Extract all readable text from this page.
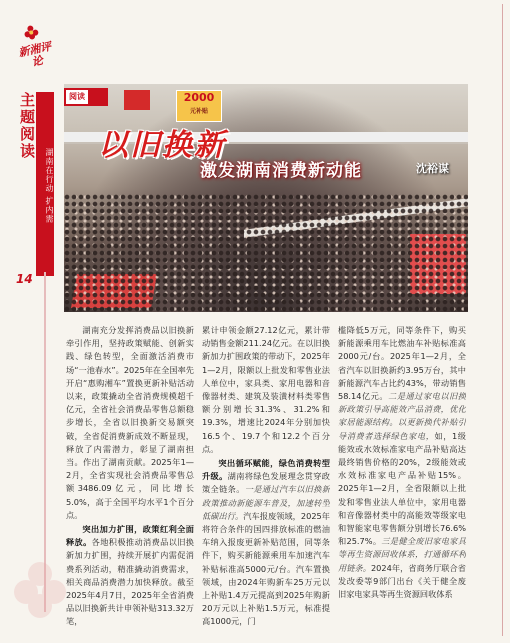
新湘评论
主题阅读
湖南在行动 扩内需
14
阅读	2000
元补贴
以旧换新
激发湖南消费新动能	沈裕谋

湖南充分发挥消费品以旧换新牵引作用，坚持政策赋能、创新实践、绿色转型，全面激活消费市场“一池春水”。2025年在全国率先开启“惠购湘车”置换更新补贴活动以来，政策撬动全省消费规模超千亿元，全省社会消费品零售总额稳步增长，全省以旧换新交易额突破，全省促消费新成效不断显现，释放了内需潜力，彰显了湖南担当。作出了湖南贡献。2025年1—2月，全省实现社会消费品零售总额3486.09亿元，同比增长5.0%，高于全国平均水平1个百分点。

突出加力扩围，政策红利全面释放。各地积极推动消费品以旧换新加力扩围，持续开展扩内需促消费系列活动，精准撬动消费需求，相关商品消费潜力加快释放。截至2025年4月7日，2025年全省消费品以旧换新共计申领补贴313.32万笔，

累计申领金额27.12亿元，累计带动销售金额211.24亿元。在以旧换新加力扩围政策的带动下，2025年1—2月，限额以上批发和零售业法人单位中，家具类、家用电器和音像器材类、建筑及装潢材料类零售额分别增长31.3%、31.2%和19.3%，增速比2024年分别加快16.5个、19.7个和12.2个百分点。

突出循环赋能，绿色消费转型升级。湖南将绿色发展理念贯穿政策全链条。一是通过汽车以旧换新政策推动新能源车普及，加速转型低碳出行。汽车报废领域，2025年将符合条件的国四排放标准的燃油车纳入报废更新补贴范围，同等条件下，购买新能源乘用车加速汽车补贴标准高5000元/台。汽车置换领域，由2024年购新车25万元以上补贴1.4万元提高到2025年购新20万元以上补贴1.5万元，标准提高1000元，门

槛降低5万元，同等条件下，购买新能源乘用车比燃油车补贴标准高2000元/台。2025年1—2月，全省汽车以旧换新约3.95万台，其中新能源汽车占比约43%，带动销售58.14亿元。二是通过家电以旧换新政策引导高能效产品消费，优化家居能源结构。以更新换代补贴引导消费者选择绿色家电，如，1级能效或水效标准家电产品补贴高达最终销售价格的20%，2级能效或水效标准家电产品补贴15%。2025年1—2月，全省限额以上批发和零售业法人单位中，家用电器和音像器材类中的高能效等级家电和智能家电零售额分别增长76.6%和25.7%。三是健全废旧家电家具等再生资源回收体系，打通循环利用链条。2024年，省商务厅联合省发改委等9部门出台《关于健全废旧家电家具等再生资源回收体系
